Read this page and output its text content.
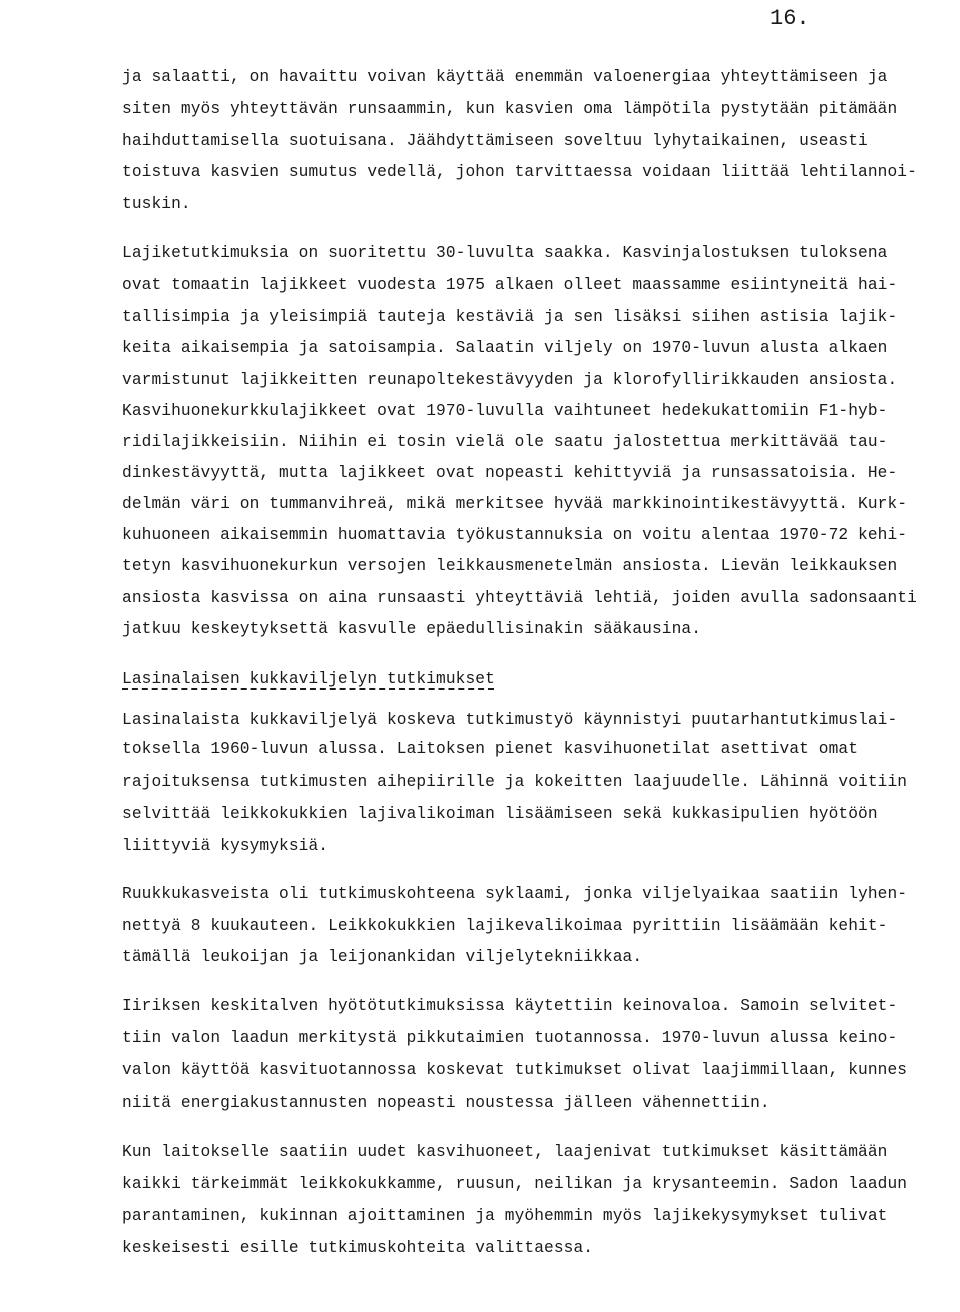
16.
ja salaatti, on havaittu voivan käyttää enemmän valoenergiaa yhteyttämiseen ja
siten myös yhteyttävän runsaammin, kun kasvien oma lämpötila pystytään pitämään
haihduttamisella suotuisana. Jäähdyttämiseen soveltuu lyhytaikainen, useasti
toistuva kasvien sumutus vedellä, johon tarvittaessa voidaan liittää lehtilannoi-
tuskin.
Lajiketutkimuksia on suoritettu 30-luvulta saakka. Kasvinjalostuksen tuloksena
ovat tomaatin lajikkeet vuodesta 1975 alkaen olleet maassamme esiintyneitä hai-
tallisimpia ja yleisimpiä tauteja kestäviä ja sen lisäksi siihen astisia lajik-
keita aikaisempia ja satoisampia. Salaatin viljely on 1970-luvun alusta alkaen
varmistunut lajikkeitten reunapoltekestävyyden ja klorofyllirikkauden ansiosta.
Kasvihuonekurkkulajikkeet ovat 1970-luvulla vaihtuneet hedekukattomiin F1-hyb-
ridilajikkeisiin. Niihin ei tosin vielä ole saatu jalostettua merkittävää tau-
dinkestävyyttä, mutta lajikkeet ovat nopeasti kehittyviä ja runsassatoisia. He-
delmän väri on tummanvihreä, mikä merkitsee hyvää markkinointikestävyyttä. Kurk-
kuhuoneen aikaisemmin huomattavia työkustannuksia on voitu alentaa 1970-72 kehi-
tetyn kasvihuonekurkun versojen leikkausmenetelmän ansiosta. Lievän leikkauksen
ansiosta kasvissa on aina runsaasti yhteyttäviä lehtiä, joiden avulla sadonsaanti
jatkuu keskeytyksettä kasvulle epäedullisinakin sääkausina.
Lasinalaisen kukkaviljelyn tutkimukset
Lasinalaista kukkaviljelyä koskeva tutkimustyö käynnistyi puutarhantutkimuslai-
toksella 1960-luvun alussa. Laitoksen pienet kasvihuonetilat asettivat omat
rajoituksensa tutkimusten aihepiirille ja kokeitten laajuudelle. Lähinnä voitiin
selvittää leikkokukkien lajivalikoiman lisäämiseen sekä kukkasipulien hyötöön
liittyviä kysymyksiä.
Ruukkukasveista oli tutkimuskohteena syklaami, jonka viljelyaikaa saatiin lyhen-
nettyä 8 kuukauteen. Leikkokukkien lajikevalikoimaa pyrittiin lisäämään kehit-
tämällä leukoijan ja leijonankidan viljelytekniikkaa.
Iiriksen keskitalven hyötötutkimuksissa käytettiin keinovaloa. Samoin selvitet-
tiin valon laadun merkitystä pikkutaimien tuotannossa. 1970-luvun alussa keino-
valon käyttöä kasvituotannossa koskevat tutkimukset olivat laajimmillaan, kunnes
niitä energiakustannusten nopeasti noustessa jälleen vähennettiin.
Kun laitokselle saatiin uudet kasvihuoneet, laajenivat tutkimukset käsittämään
kaikki tärkeimmät leikkokukkamme, ruusun, neilikan ja krysanteemin. Sadon laadun
parantaminen, kukinnan ajoittaminen ja myöhemmin myös lajikekysymykset tulivat
keskeisesti esille tutkimuskohteita valittaessa.
